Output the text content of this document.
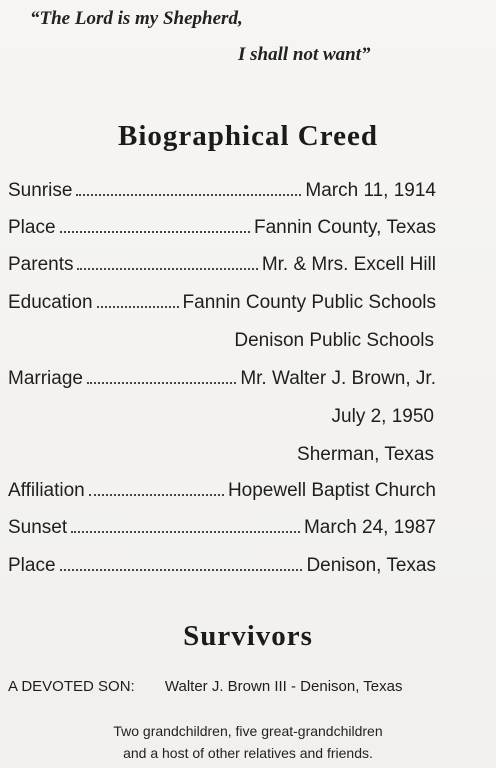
“The Lord is my Shepherd,
I shall not want”
Biographical Creed
Sunrise	March 11, 1914
Place	Fannin County, Texas
Parents	Mr. & Mrs. Excell Hill
Education	Fannin County Public Schools
Denison Public Schools
Marriage	Mr. Walter J. Brown, Jr.
July 2, 1950
Sherman, Texas
Affiliation	Hopewell Baptist Church
Sunset	March 24, 1987
Place	Denison, Texas
Survivors
A DEVOTED SON: Walter J. Brown III - Denison, Texas
Two grandchildren, five great-grandchildren
and a host of other relatives and friends.
